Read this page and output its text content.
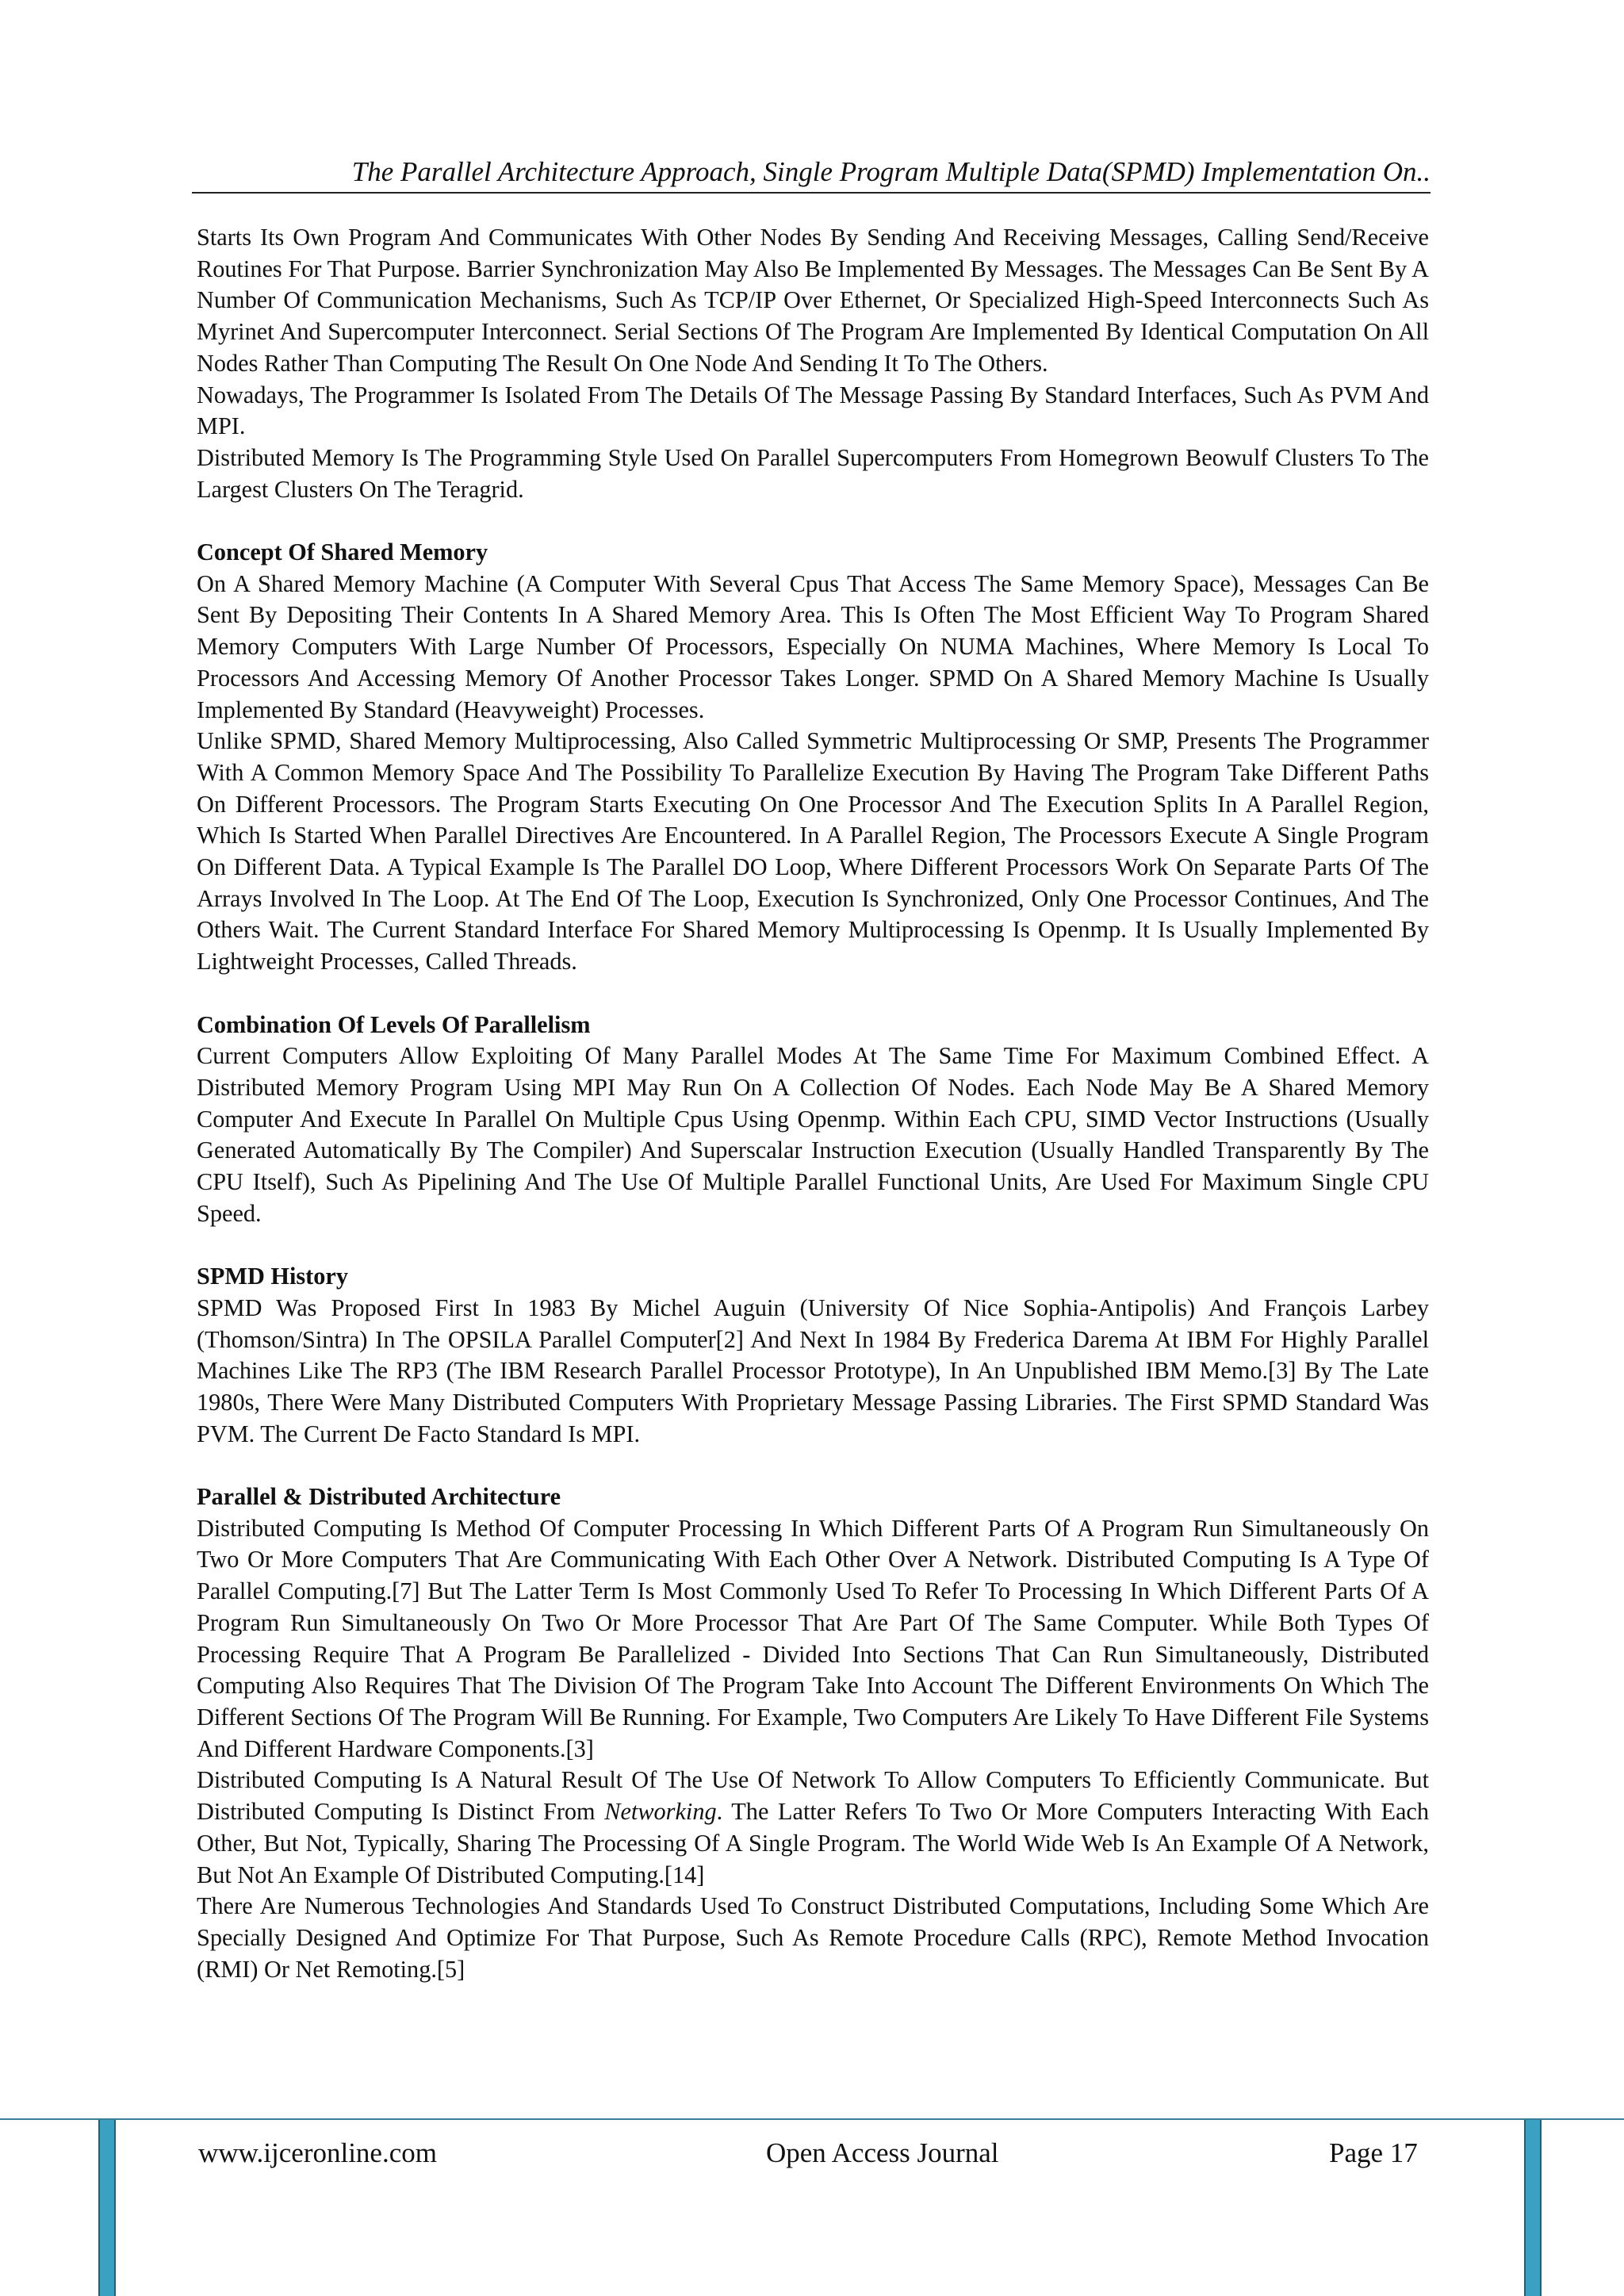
The Parallel Architecture Approach, Single Program Multiple Data(SPMD) Implementation On..

Starts Its Own Program And Communicates With Other Nodes By Sending And Receiving Messages, Calling Send/Receive Routines For That Purpose. Barrier Synchronization May Also Be Implemented By Messages. The Messages Can Be Sent By A Number Of Communication Mechanisms, Such As TCP/IP Over Ethernet, Or Specialized High-Speed Interconnects Such As Myrinet And Supercomputer Interconnect. Serial Sections Of The Program Are Implemented By Identical Computation On All Nodes Rather Than Computing The Result On One Node And Sending It To The Others.

Nowadays, The Programmer Is Isolated From The Details Of The Message Passing By Standard Interfaces, Such As PVM And MPI.

Distributed Memory Is The Programming Style Used On Parallel Supercomputers From Homegrown Beowulf Clusters To The Largest Clusters On The Teragrid.

Concept Of Shared Memory

On A Shared Memory Machine (A Computer With Several Cpus That Access The Same Memory Space), Messages Can Be Sent By Depositing Their Contents In A Shared Memory Area. This Is Often The Most Efficient Way To Program Shared Memory Computers With Large Number Of Processors, Especially On NUMA Machines, Where Memory Is Local To Processors And Accessing Memory Of Another Processor Takes Longer. SPMD On A Shared Memory Machine Is Usually Implemented By Standard (Heavyweight) Processes.

Unlike SPMD, Shared Memory Multiprocessing, Also Called Symmetric Multiprocessing Or SMP, Presents The Programmer With A Common Memory Space And The Possibility To Parallelize Execution By Having The Program Take Different Paths On Different Processors. The Program Starts Executing On One Processor And The Execution Splits In A Parallel Region, Which Is Started When Parallel Directives Are Encountered. In A Parallel Region, The Processors Execute A Single Program On Different Data. A Typical Example Is The Parallel DO Loop, Where Different Processors Work On Separate Parts Of The Arrays Involved In The Loop. At The End Of The Loop, Execution Is Synchronized, Only One Processor Continues, And The Others Wait. The Current Standard Interface For Shared Memory Multiprocessing Is Openmp. It Is Usually Implemented By Lightweight Processes, Called Threads.

Combination Of Levels Of Parallelism

Current Computers Allow Exploiting Of Many Parallel Modes At The Same Time For Maximum Combined Effect. A Distributed Memory Program Using MPI May Run On A Collection Of Nodes. Each Node May Be A Shared Memory Computer And Execute In Parallel On Multiple Cpus Using Openmp. Within Each CPU, SIMD Vector Instructions (Usually Generated Automatically By The Compiler) And Superscalar Instruction Execution (Usually Handled Transparently By The CPU Itself), Such As Pipelining And The Use Of Multiple Parallel Functional Units, Are Used For Maximum Single CPU Speed.

SPMD History

SPMD Was Proposed First In 1983 By Michel Auguin (University Of Nice Sophia-Antipolis) And François Larbey (Thomson/Sintra) In The OPSILA Parallel Computer[2] And Next In 1984 By Frederica Darema At IBM For Highly Parallel Machines Like The RP3 (The IBM Research Parallel Processor Prototype), In An Unpublished IBM Memo.[3] By The Late 1980s, There Were Many Distributed Computers With Proprietary Message Passing Libraries. The First SPMD Standard Was PVM. The Current De Facto Standard Is MPI.

Parallel & Distributed Architecture

Distributed Computing Is Method Of Computer Processing In Which Different Parts Of A Program Run Simultaneously On Two Or More Computers That Are Communicating With Each Other Over A Network. Distributed Computing Is A Type Of Parallel Computing.[7] But The Latter Term Is Most Commonly Used To Refer To Processing In Which Different Parts Of A Program Run Simultaneously On Two Or More Processor That Are Part Of The Same Computer. While Both Types Of Processing Require That A Program Be Parallelized - Divided Into Sections That Can Run Simultaneously, Distributed Computing Also Requires That The Division Of The Program Take Into Account The Different Environments On Which The Different Sections Of The Program Will Be Running. For Example, Two Computers Are Likely To Have Different File Systems And Different Hardware Components.[3]

Distributed Computing Is A Natural Result Of The Use Of Network To Allow Computers To Efficiently Communicate. But Distributed Computing Is Distinct From Networking. The Latter Refers To Two Or More Computers Interacting With Each Other, But Not, Typically, Sharing The Processing Of A Single Program. The World Wide Web Is An Example Of A Network, But Not An Example Of Distributed Computing.[14]

There Are Numerous Technologies And Standards Used To Construct Distributed Computations, Including Some Which Are Specially Designed And Optimize For That Purpose, Such As Remote Procedure Calls (RPC), Remote Method Invocation (RMI) Or Net Remoting.[5]

www.ijceronline.com	Open Access Journal	Page 17
